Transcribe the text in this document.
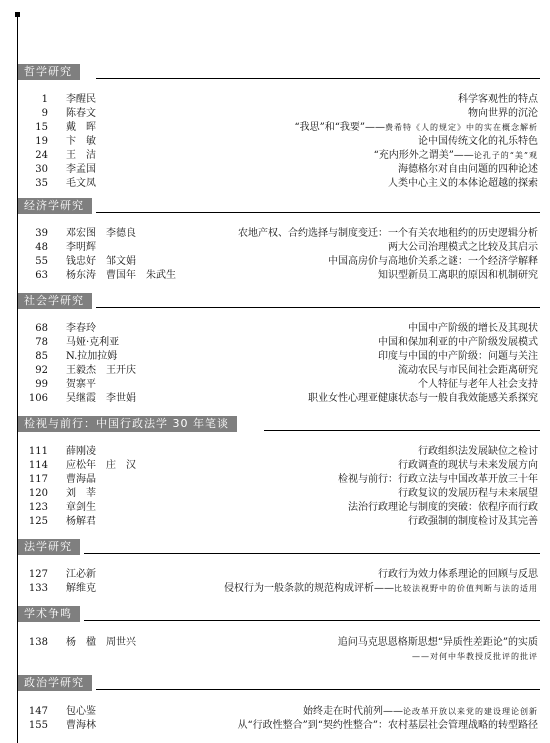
哲学研究
1 李醒民	科学客观性的特点
9 陈春文	物向世界的沉沦
15 戴　晖	“我思”和“我要”——费希特《人的规定》中的实在概念解析
19 卞　敏	论中国传统文化的礼乐特色
24 王　洁	“充内形外之谓美”——论孔子的“美”观
30 李孟国	海德格尔对自由问题的四种论述
35 毛文凤	人类中心主义的本体论超越的探索
经济学研究
39 邓宏图　李德良	农地产权、合约选择与制度变迁：一个有关农地租约的历史逻辑分析
48 李明辉	两大公司治理模式之比较及其启示
55 钱忠好　邹文娟	中国高房价与高地价关系之谜：一个经济学解释
63 杨东涛　曹国年　朱武生	知识型新员工离职的原因和机制研究
社会学研究
68 李春玲	中国中产阶级的增长及其现状
78 马娅·克利亚	中国和保加利亚的中产阶级发展模式
85 N.拉加拉姆	印度与中国的中产阶级：问题与关注
92 王毅杰　王开庆	流动农民与市民间社会距离研究
99 贺寨平	个人特征与老年人社会支持
106 吴继霞　李世娟	职业女性心理亚健康状态与一般自我效能感关系探究
检视与前行：中国行政法学 30 年笔谈
111 薛刚凌	行政组织法发展缺位之检讨
114 应松年　庄　汉	行政调查的现状与未来发展方向
117 曹海晶	检视与前行：行政立法与中国改革开放三十年
120 刘　莘	行政复议的发展历程与未来展望
123 章剑生	法治行政理论与制度的突破：依程序而行政
125 杨解君	行政强制的制度检讨及其完善
法学研究
127 江必新	行政行为效力体系理论的回顾与反思
133 解维克	侵权行为一般条款的规范构成评析——比较法视野中的价值判断与法的适用
学术争鸣
138 杨　楹　周世兴	追问马克思恩格斯思想“异质性差距论”的实质
——对何中华教授反批评的批评
政治学研究
147 包心鉴	始终走在时代前列——论改革开放以来党的建设理论创新
155 曹海林	从“行政性整合”到“契约性整合”：农村基层社会管理战略的转型路径
